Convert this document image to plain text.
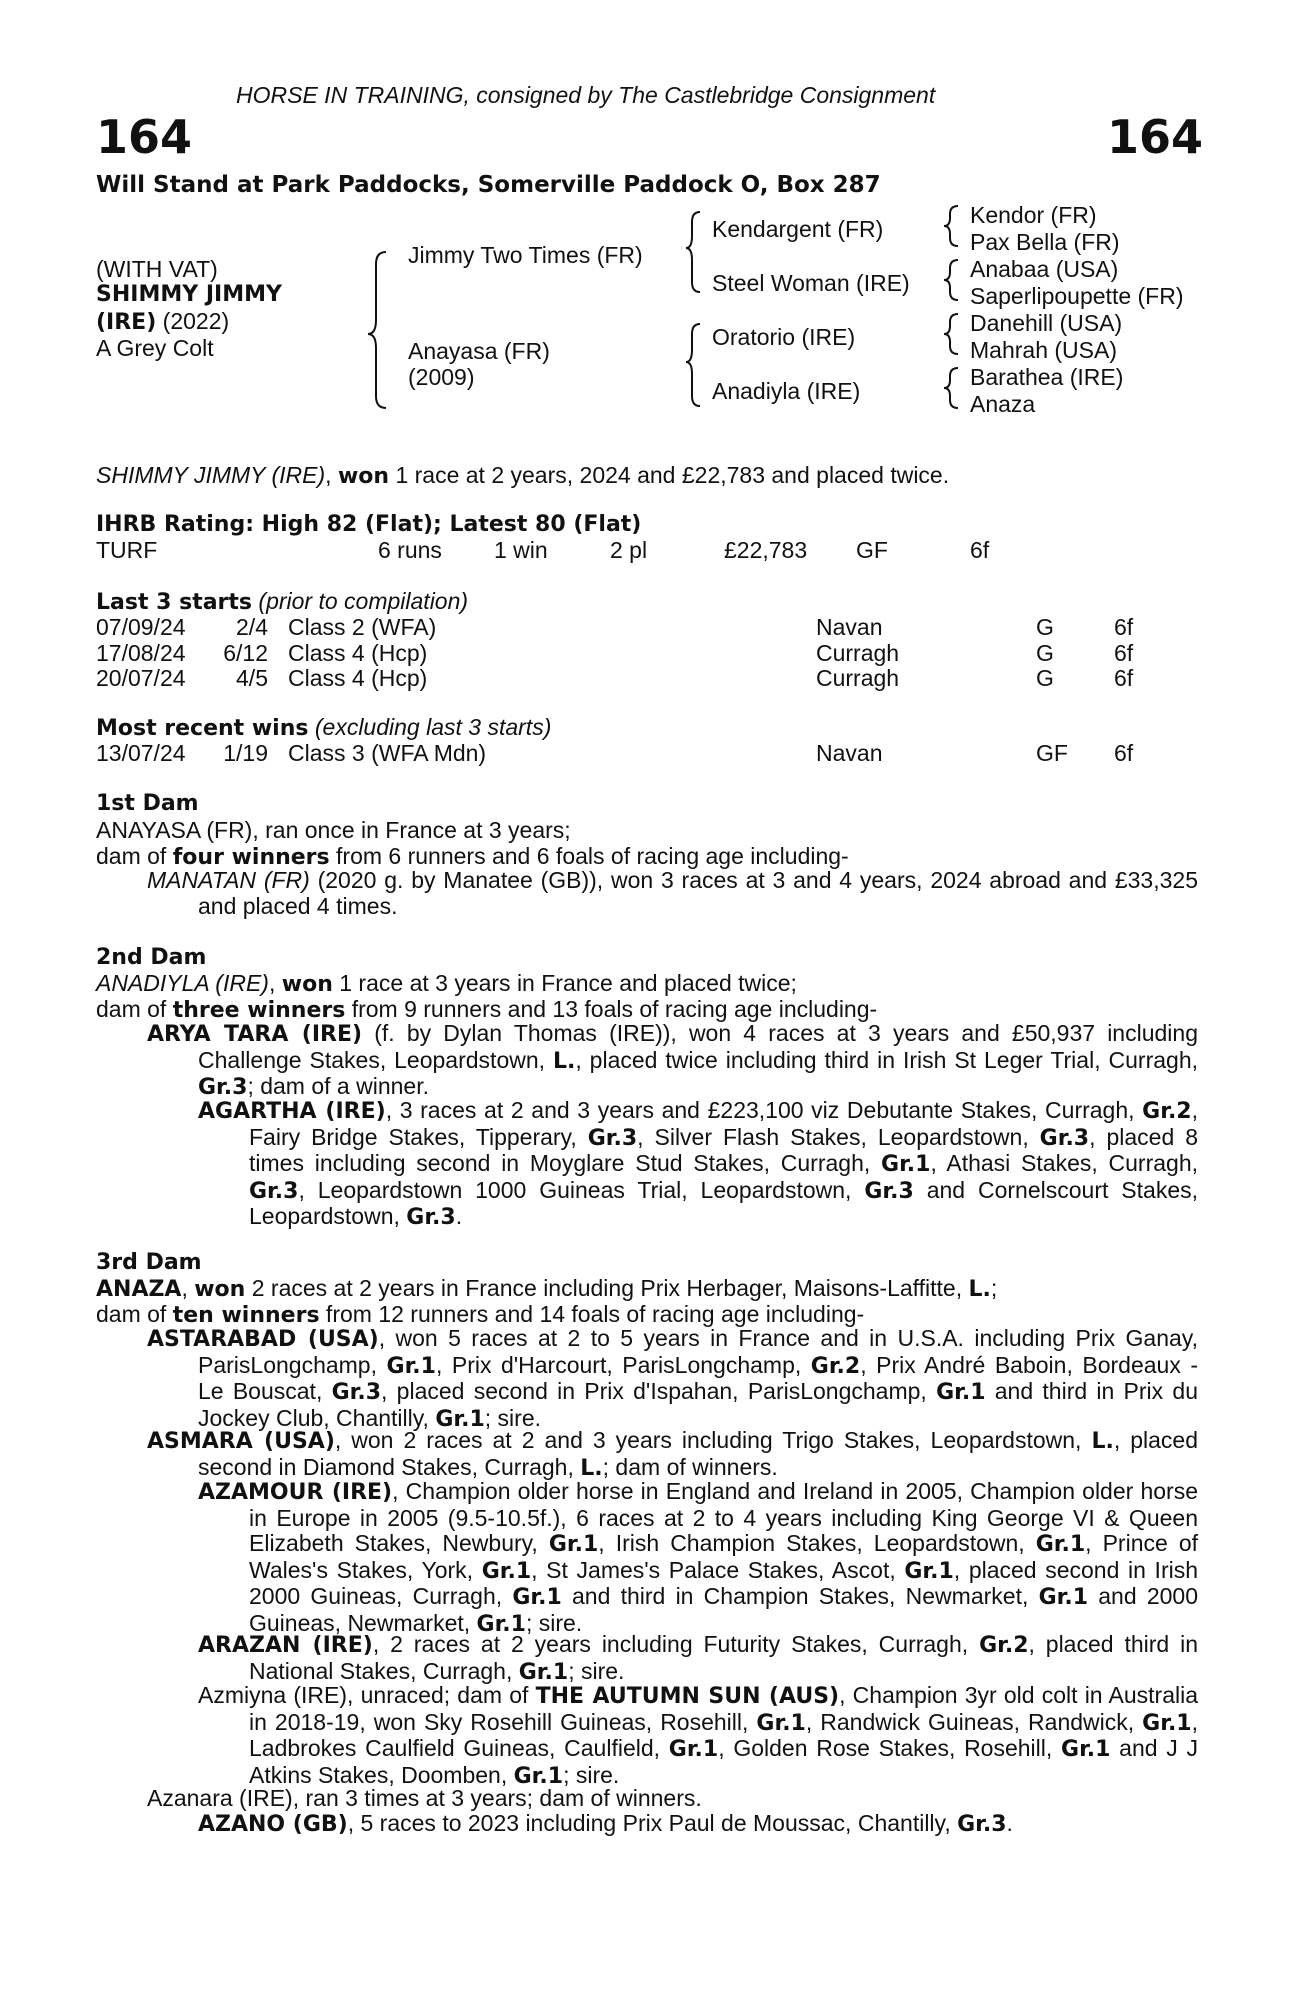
HORSE IN TRAINING, consigned by The Castlebridge Consignment
164	164
Will Stand at Park Paddocks, Somerville Paddock O, Box 287
(WITH VAT)
SHIMMY JIMMY
(IRE) (2022)
A Grey Colt
Jimmy Two Times (FR)
Anayasa (FR)
(2009)
Kendargent (FR)
Steel Woman (IRE)
Oratorio (IRE)
Anadiyla (IRE)
Kendor (FR)
Pax Bella (FR)
Anabaa (USA)
Saperlipoupette (FR)
Danehill (USA)
Mahrah (USA)
Barathea (IRE)
Anaza
SHIMMY JIMMY (IRE), won 1 race at 2 years, 2024 and £22,783 and placed twice.
IHRB Rating: High 82 (Flat); Latest 80 (Flat)
TURF	6 runs 1 win	2 pl	£22,783 GF	6f
Last 3 starts (prior to compilation)
07/09/24	2/4 Class 2 (WFA)	Navan	G	6f
17/08/24 6/12 Class 4 (Hcp)	Curragh	G	6f
20/07/24	4/5 Class 4 (Hcp)	Curragh	G	6f
Most recent wins (excluding last 3 starts)
13/07/24 1/19 Class 3 (WFA Mdn)	Navan	GF 6f
1st Dam
ANAYASA (FR), ran once in France at 3 years;
dam of four winners from 6 runners and 6 foals of racing age including-
MANATAN (FR) (2020 g. by Manatee (GB)), won 3 races at 3 and 4 years, 2024 abroad and £33,325 and placed 4 times.
2nd Dam
ANADIYLA (IRE), won 1 race at 3 years in France and placed twice;
dam of three winners from 9 runners and 13 foals of racing age including-
ARYA TARA (IRE) (f. by Dylan Thomas (IRE)), won 4 races at 3 years and £50,937 including Challenge Stakes, Leopardstown, L., placed twice including third in Irish St Leger Trial, Curragh, Gr.3; dam of a winner.
AGARTHA (IRE), 3 races at 2 and 3 years and £223,100 viz Debutante Stakes, Curragh, Gr.2, Fairy Bridge Stakes, Tipperary, Gr.3, Silver Flash Stakes, Leopardstown, Gr.3, placed 8 times including second in Moyglare Stud Stakes, Curragh, Gr.1, Athasi Stakes, Curragh, Gr.3, Leopardstown 1000 Guineas Trial, Leopardstown, Gr.3 and Cornelscourt Stakes, Leopardstown, Gr.3.
3rd Dam
ANAZA, won 2 races at 2 years in France including Prix Herbager, Maisons-Laffitte, L.;
dam of ten winners from 12 runners and 14 foals of racing age including-
ASTARABAD (USA), won 5 races at 2 to 5 years in France and in U.S.A. including Prix Ganay, ParisLongchamp, Gr.1, Prix d'Harcourt, ParisLongchamp, Gr.2, Prix André Baboin, Bordeaux - Le Bouscat, Gr.3, placed second in Prix d'Ispahan, ParisLongchamp, Gr.1 and third in Prix du Jockey Club, Chantilly, Gr.1; sire.
ASMARA (USA), won 2 races at 2 and 3 years including Trigo Stakes, Leopardstown, L., placed second in Diamond Stakes, Curragh, L.; dam of winners.
AZAMOUR (IRE), Champion older horse in England and Ireland in 2005, Champion older horse in Europe in 2005 (9.5-10.5f.), 6 races at 2 to 4 years including King George VI & Queen Elizabeth Stakes, Newbury, Gr.1, Irish Champion Stakes, Leopardstown, Gr.1, Prince of Wales's Stakes, York, Gr.1, St James's Palace Stakes, Ascot, Gr.1, placed second in Irish 2000 Guineas, Curragh, Gr.1 and third in Champion Stakes, Newmarket, Gr.1 and 2000 Guineas, Newmarket, Gr.1; sire.
ARAZAN (IRE), 2 races at 2 years including Futurity Stakes, Curragh, Gr.2, placed third in National Stakes, Curragh, Gr.1; sire.
Azmiyna (IRE), unraced; dam of THE AUTUMN SUN (AUS), Champion 3yr old colt in Australia in 2018-19, won Sky Rosehill Guineas, Rosehill, Gr.1, Randwick Guineas, Randwick, Gr.1, Ladbrokes Caulfield Guineas, Caulfield, Gr.1, Golden Rose Stakes, Rosehill, Gr.1 and J J Atkins Stakes, Doomben, Gr.1; sire.
Azanara (IRE), ran 3 times at 3 years; dam of winners.
AZANO (GB), 5 races to 2023 including Prix Paul de Moussac, Chantilly, Gr.3.
